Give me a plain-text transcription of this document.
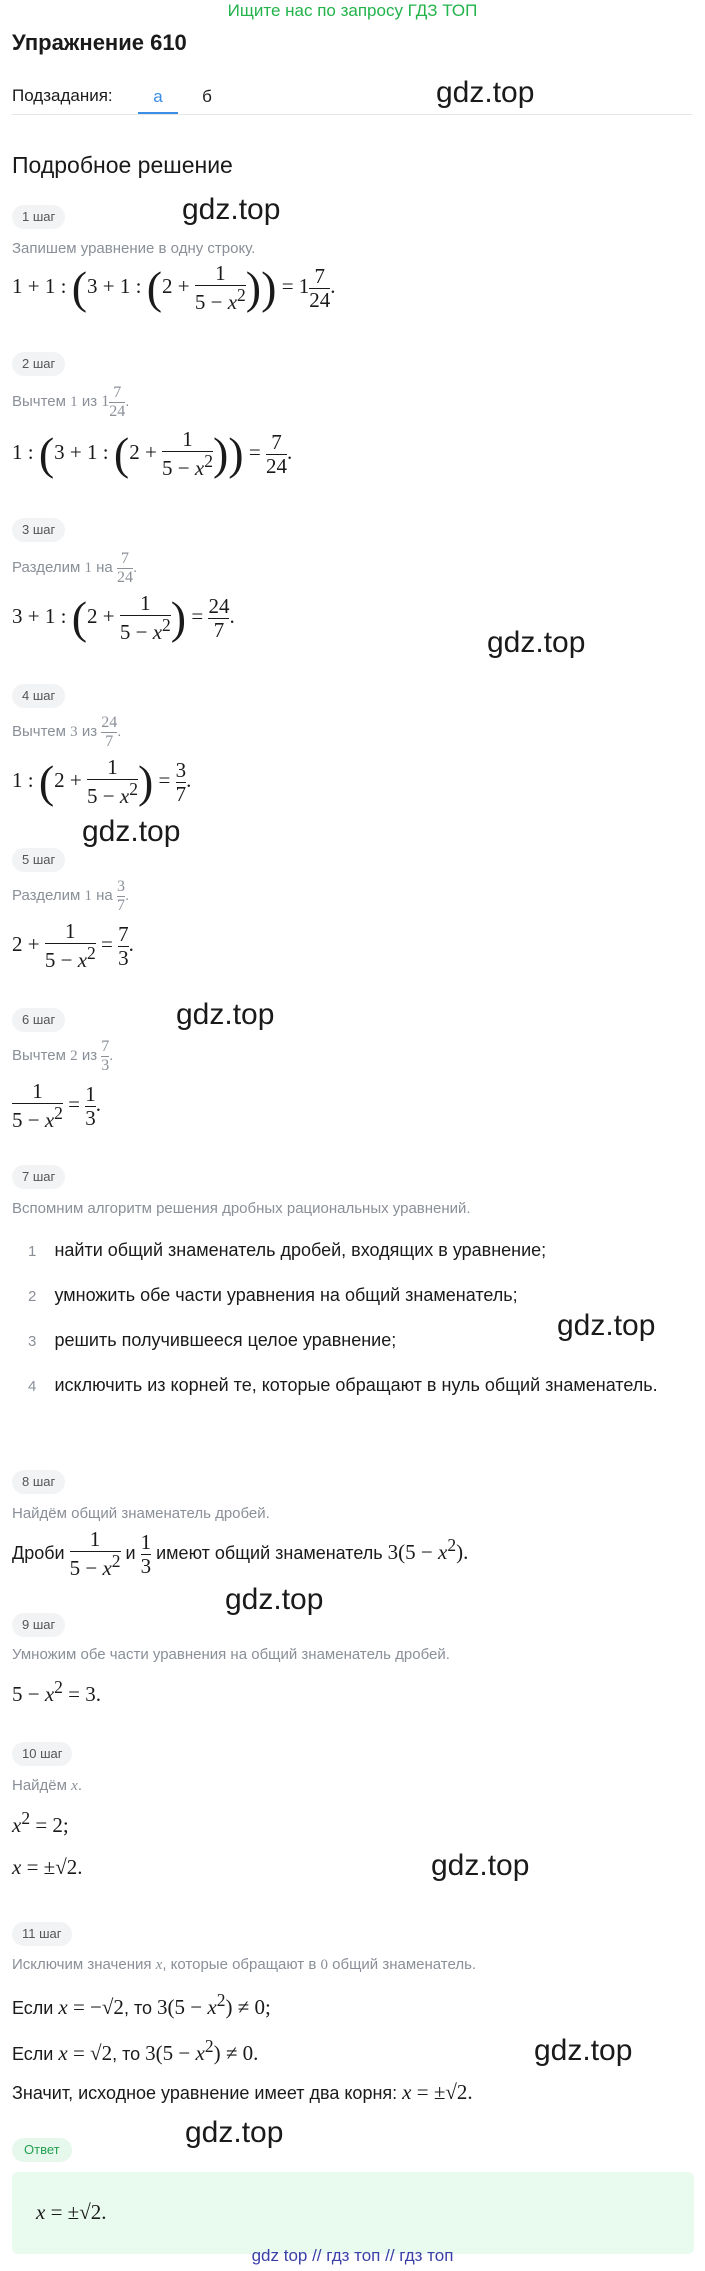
Ищите нас по запросу ГДЗ ТОП
Упражнение 610
Подзадания:	а	б
Подробное решение
gdz.top
gdz.top
gdz.top
gdz.top
gdz.top
gdz.top
gdz.top
gdz.top
gdz.top
gdz.top
1 шаг
Запишем уравнение в одну строку.
1 + 1 : (3 + 1 : ($2 + \frac{1}{5 - x^2}$ )) = $1 \frac{7}{24}$ .
2 шаг
Вычтем 1 из $1 \frac{7}{24}$ .
1 : (3 + 1 : ($2 + \frac{1}{5 - x^2}$ )) = $\frac{7}{24}$ .
3 шаг
Разделим 1 на $\frac{7}{24}$ .
3 + 1 : ($2 + \frac{1}{5 - x^2}$ ) = $\frac{24}{7}$ .
4 шаг
Вычтем 3 из $\frac{24}{7}$ .
1 : ($2 + \frac{1}{5 - x^2}$ ) = $\frac{3}{7}$ .
5 шаг
Разделим 1 на $\frac{3}{7}$ .
$2 + \frac{1}{5 - x^2} = \frac{7}{3}$ .
6 шаг
Вычтем 2 из $\frac{7}{3}$ .
$\frac{1}{5 - x^2} = \frac{1}{3}$ .
7 шаг
Вспомним алгоритм решения дробных рациональных уравнений.
1 найти общий знаменатель дробей, входящих в уравнение;
2 умножить обе части уравнения на общий знаменатель;
3 решить получившееся целое уравнение;
4 исключить из корней те, которые обращают в нуль общий знаменатель.
8 шаг
Найдём общий знаменатель дробей.
Дроби $\frac{1}{5 - x^2}$ и $\frac{1}{3}$ имеют общий знаменатель $3(5 - x^2)$.
9 шаг
Умножим обе части уравнения на общий знаменатель дробей.
$5 - x^2 = 3$.
10 шаг
Найдём x.
$x^2 = 2$;
x = ±√2.
11 шаг
Исключим значения x, которые обращают в 0 общий знаменатель.
Если x = −√2, то $3(5 - x^2) \ne 0$;
Если x = √2, то $3(5 - x^2) \ne 0$.
Значит, исходное уравнение имеет два корня: x = ±√2.
Ответ
x = ±√2.
gdz top // гдз топ // гдз топ
